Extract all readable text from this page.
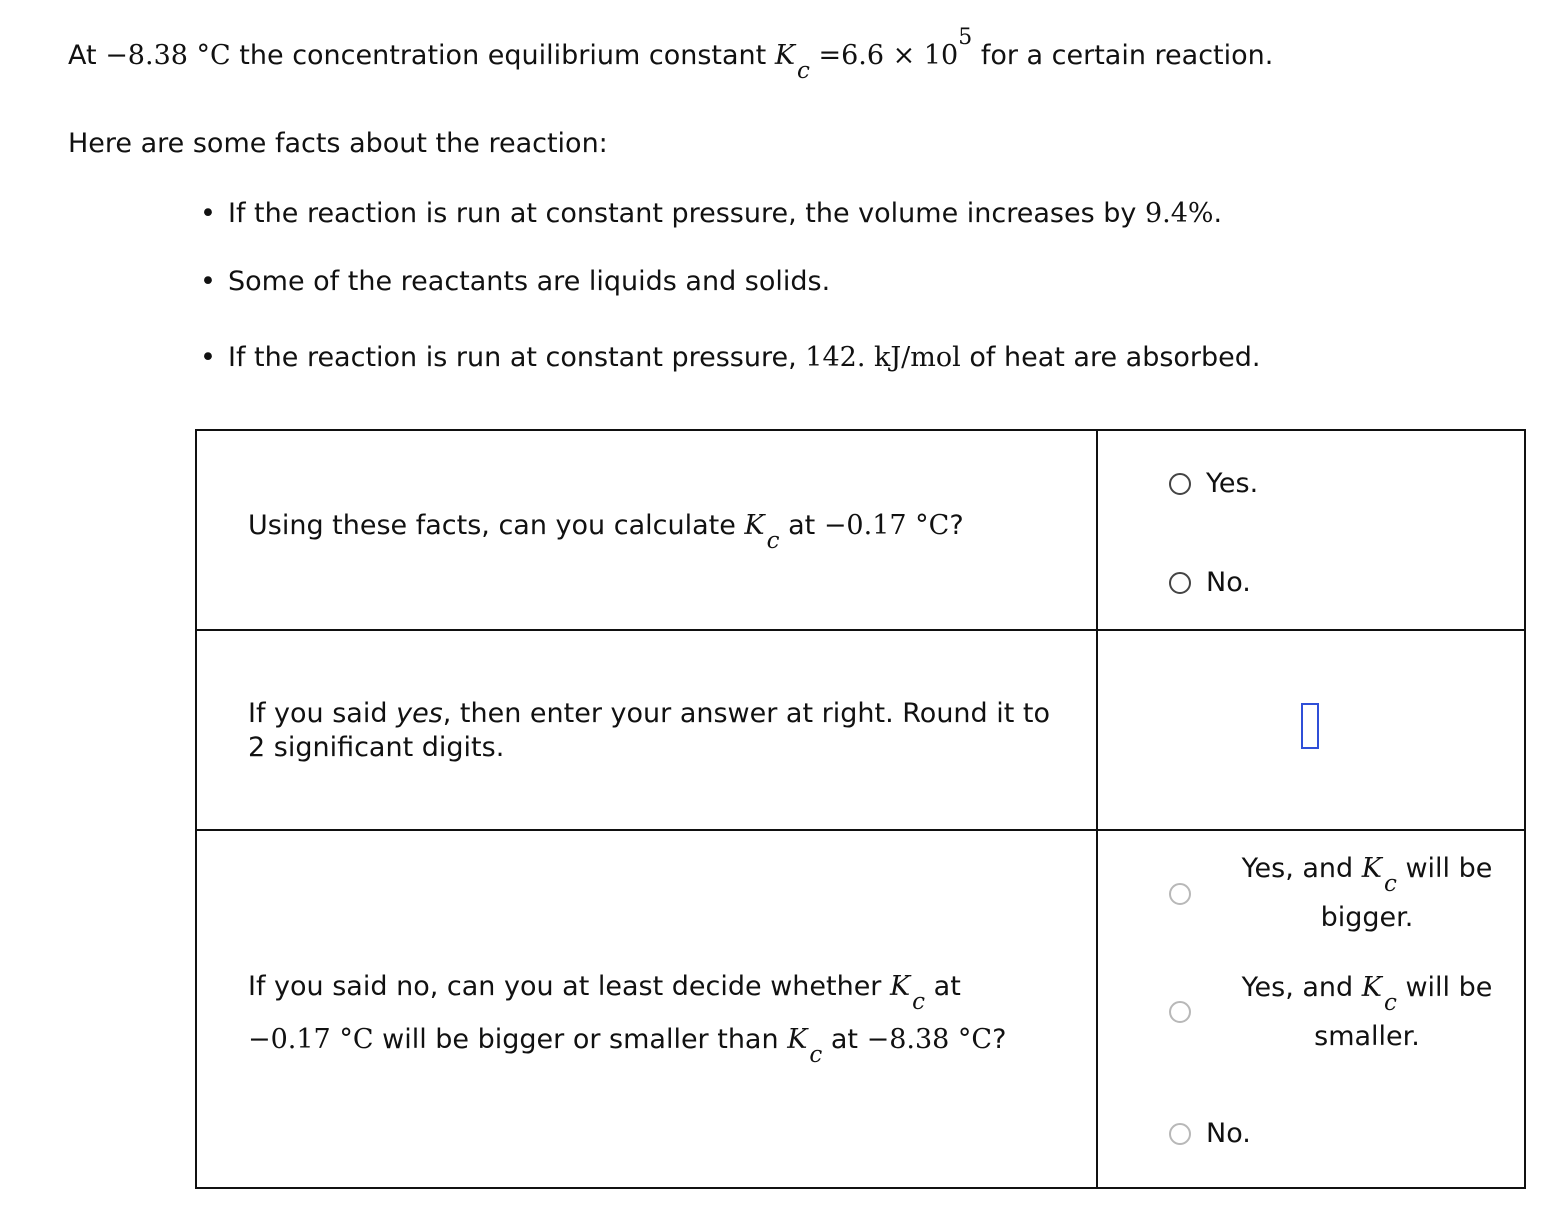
At −8.38 °C the concentration equilibrium constant $Kc =6.6 \times 10^5$ for a certain reaction.
Here are some facts about the reaction:
• If the reaction is run at constant pressure, the volume increases by 9.4%.
• Some of the reactants are liquids and solids.
• If the reaction is run at constant pressure, 142. kJ/mol of heat are absorbed.
Using these facts, can you calculate Kc at −0.17 °C?
Yes.
No.
If you said yes, then enter your answer at right. Round it to
2 significant digits.
If you said no, can you at least decide whether Kc at
−0.17 °C will be bigger or smaller than Kc at −8.38 °C?
Yes, and Kc will be
bigger.
Yes, and Kc will be
smaller.
No.
